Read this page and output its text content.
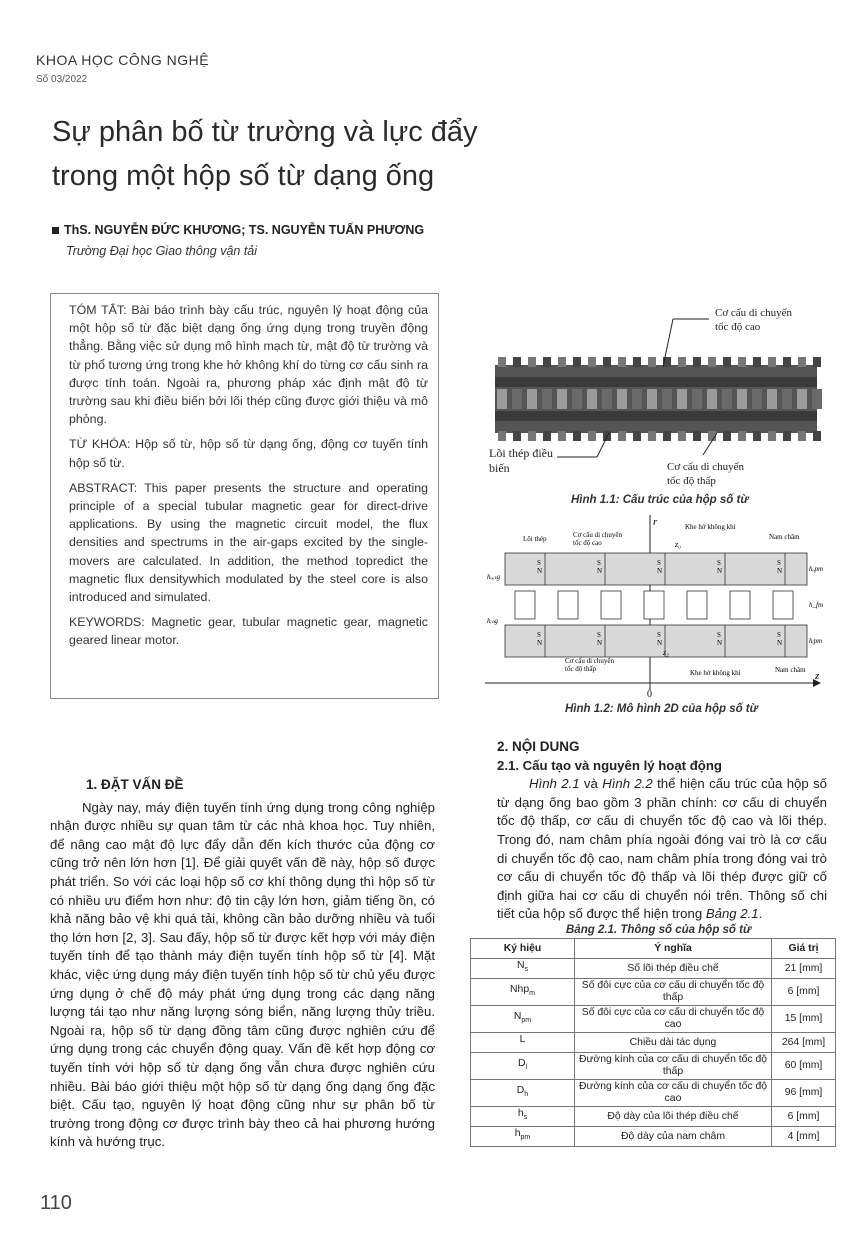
KHOA HỌC CÔNG NGHỆ
Số 03/2022
Sự phân bố từ trường và lực đẩy
trong một hộp số từ dạng ống
ThS. NGUYỄN ĐỨC KHƯƠNG; TS. NGUYỄN TUẤN PHƯƠNG
Trường Đại học Giao thông vận tải

TÓM TẮT: Bài báo trình bày cấu trúc, nguyên lý hoạt động của một hộp số từ đặc biệt dạng ống ứng dụng trong truyền động thẳng. Bằng việc sử dụng mô hình mạch từ, mật độ từ trường và từ phổ tương ứng trong khe hở không khí do từng cơ cấu sinh ra được tính toán. Ngoài ra, phương pháp xác định mật độ từ trường sau khi điều biến bởi lõi thép cũng được giới thiệu và mô phỏng.

TỪ KHÓA: Hộp số từ, hộp số từ dạng ống, động cơ tuyến tính hộp số từ.

ABSTRACT: This paper presents the structure and operating principle of a special tubular magnetic gear for direct-drive applications. By using the magnetic circuit model, the flux densities and spectrums in the air-gaps excited by the single-movers are calculated. In addition, the method topredict the magnetic flux densitywhich modulated by the steel core is also introduced and simulated.

KEYWORDS: Magnetic gear, tubular magnetic gear, magnetic geared linear motor.

1. ĐẶT VẤN ĐỀ

Ngày nay, máy điện tuyến tính ứng dụng trong công nghiệp nhận được nhiều sự quan tâm từ các nhà khoa học. Tuy nhiên, để nâng cao mật độ lực đẩy dẫn đến kích thước của động cơ cũng trở nên lớn hơn [1]. Để giải quyết vấn đề này, hộp số được phát triển. So với các loại hộp số cơ khí thông dụng thì hộp số từ có nhiều ưu điểm hơn như: độ tin cậy lớn hơn, giảm tiếng ồn, có khả năng bảo vệ khi quá tải, không cần bảo dưỡng nhiều và tuổi thọ lớn hơn [2, 3]. Sau đấy, hộp số từ được kết hợp với máy điện tuyến tính để tạo thành máy điện tuyến tính hộp số từ [4]. Mặt khác, việc ứng dụng máy điện tuyến tính hộp số từ chủ yếu được ứng dụng ở chế độ máy phát ứng dụng trong các dạng năng lượng tái tạo như năng lượng sóng biển, năng lượng thủy triều. Ngoài ra, hộp số từ dạng đồng tâm cũng được nghiên cứu để ứng dụng trong các chuyển động quay. Vấn đề kết hợp động cơ tuyến tính với hộp số từ dạng ống vẫn chưa được nghiên cứu nhiều. Bài báo giới thiệu một hộp số từ dạng ống dạng ống đặc biệt. Cấu tạo, nguyên lý hoạt động cũng như sự phân bố từ trường trong động cơ được trình bày theo cả hai phương hướng kính và hướng trục.

Cơ cấu di chuyển tốc độ cao
Lõi thép điều biến	Cơ cấu di chuyển tốc độ thấp
Hình 1.1: Cấu trúc của hộp số từ
r
z
0
S
N
S
N
S
N
S
N
S
N
S
N
S
N
S
N
S
N
S
N
Lõi thép	Cơ cấu di chuyển tốc độ cao
Khe hở không khí
Nam châm
z₀
Cơ cấu di chuyển tốc độ thấp	Khe hở không khí	Nam châm
z₂
hₒᵤₜg
hᵢₙg
hₒpm
h_fm
hᵢpm
Hình 1.2: Mô hình 2D của hộp số từ
2. NỘI DUNG
2.1. Cấu tạo và nguyên lý hoạt động

Hình 2.1 và Hình 2.2 thể hiện cấu trúc của hộp số từ dạng ống bao gồm 3 phần chính: cơ cấu di chuyển tốc độ thấp, cơ cấu di chuyển tốc độ cao và lõi thép. Trong đó, nam châm phía ngoài đóng vai trò là cơ cấu di chuyển tốc độ cao, nam châm phía trong đóng vai trò cơ cấu di chuyển tốc độ thấp và lõi thép được giữ cố định giữa hai cơ cấu di chuyển nói trên. Thông số chi tiết của hộp số được thể hiện trong Bảng 2.1.

Bảng 2.1. Thông số của hộp số từ
Ký hiệu	Ý nghĩa	Giá trị
$N_s$	Số lõi thép điều chế	21 [mm]
Nhp$_m$	Số đôi cực của cơ cấu di chuyển tốc độ thấp	6 [mm]
$N_{pm}$	Số đôi cực của cơ cấu di chuyển tốc độ cao	15 [mm]
L	Chiều dài tác dụng	264 [mm]
$D_l$	Đường kính của cơ cấu di chuyển tốc độ thấp	60 [mm]
$D_h$	Đường kính của cơ cấu di chuyển tốc độ cao	96 [mm]
$h_s$	Độ dày của lõi thép điều chế	6 [mm]
$h_{pm}$	Độ dày của nam châm	4 [mm]
110
